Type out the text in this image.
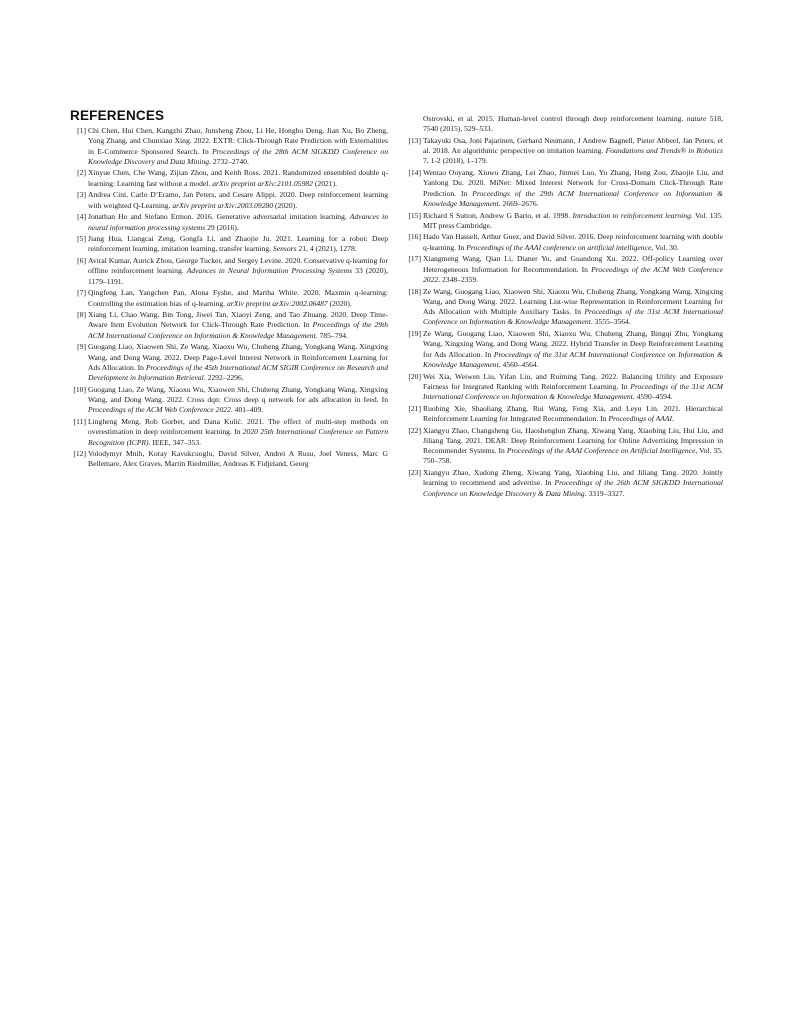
REFERENCES
[1] Chi Chen, Hui Chen, Kangzhi Zhao, Junsheng Zhou, Li He, Hongbo Deng, Jian Xu, Bo Zheng, Yong Zhang, and Chunxiao Xing. 2022. EXTR: Click-Through Rate Prediction with Externalities in E-Commerce Sponsored Search. In Proceedings of the 28th ACM SIGKDD Conference on Knowledge Discovery and Data Mining. 2732–2740.
[2] Xinyue Chen, Che Wang, Zijian Zhou, and Keith Ross. 2021. Randomized ensembled double q-learning: Learning fast without a model. arXiv preprint arXiv:2101.05982 (2021).
[3] Andrea Cini, Carlo D’Eramo, Jan Peters, and Cesare Alippi. 2020. Deep reinforcement learning with weighted Q-Learning. arXiv preprint arXiv:2003.09280 (2020).
[4] Jonathan Ho and Stefano Ermon. 2016. Generative adversarial imitation learning. Advances in neural information processing systems 29 (2016).
[5] Jiang Hua, Liangcai Zeng, Gongfa Li, and Zhaojie Ju. 2021. Learning for a robot: Deep reinforcement learning, imitation learning, transfer learning. Sensors 21, 4 (2021), 1278.
[6] Aviral Kumar, Aurick Zhou, George Tucker, and Sergey Levine. 2020. Conservative q-learning for offline reinforcement learning. Advances in Neural Information Processing Systems 33 (2020), 1179–1191.
[7] Qingfeng Lan, Yangchen Pan, Alona Fyshe, and Martha White. 2020. Maxmin q-learning: Controlling the estimation bias of q-learning. arXiv preprint arXiv:2002.06487 (2020).
[8] Xiang Li, Chao Wang, Bin Tong, Jiwei Tan, Xiaoyi Zeng, and Tao Zhuang. 2020. Deep Time-Aware Item Evolution Network for Click-Through Rate Prediction. In Proceedings of the 29th ACM International Conference on Information & Knowledge Management. 785–794.
[9] Guogang Liao, Xiaowen Shi, Ze Wang, Xiaoxu Wu, Chuheng Zhang, Yongkang Wang, Xingxing Wang, and Dong Wang. 2022. Deep Page-Level Interest Network in Reinforcement Learning for Ads Allocation. In Proceedings of the 45th International ACM SIGIR Conference on Research and Development in Information Retrieval. 2292–2296.
[10] Guogang Liao, Ze Wang, Xiaoxu Wu, Xiaowen Shi, Chuheng Zhang, Yongkang Wang, Xingxing Wang, and Dong Wang. 2022. Cross dqn: Cross deep q network for ads allocation in feed. In Proceedings of the ACM Web Conference 2022. 401–409.
[11] Lingheng Meng, Rob Gorbet, and Dana Kulić. 2021. The effect of multi-step methods on overestimation in deep reinforcement learning. In 2020 25th International Conference on Pattern Recognition (ICPR). IEEE, 347–353.
[12] Volodymyr Mnih, Koray Kavukcuoglu, David Silver, Andrei A Rusu, Joel Veness, Marc G Bellemare, Alex Graves, Martin Riedmiller, Andreas K Fidjeland, Georg
Ostrovski, et al. 2015. Human-level control through deep reinforcement learning. nature 518, 7540 (2015), 529–533.
[13] Takayuki Osa, Joni Pajarinen, Gerhard Neumann, J Andrew Bagnell, Pieter Abbeel, Jan Peters, et al. 2018. An algorithmic perspective on imitation learning. Foundations and Trends® in Robotics 7, 1-2 (2018), 1–179.
[14] Wentao Ouyang, Xiuwu Zhang, Lei Zhao, Jinmei Luo, Yu Zhang, Heng Zou, Zhaojie Liu, and Yanlong Du. 2020. MiNet: Mixed Interest Network for Cross-Domain Click-Through Rate Prediction. In Proceedings of the 29th ACM International Conference on Information & Knowledge Management. 2669–2676.
[15] Richard S Sutton, Andrew G Barto, et al. 1998. Introduction to reinforcement learning. Vol. 135. MIT press Cambridge.
[16] Hado Van Hasselt, Arthur Guez, and David Silver. 2016. Deep reinforcement learning with double q-learning. In Proceedings of the AAAI conference on artificial intelligence, Vol. 30.
[17] Xiangmeng Wang, Qian Li, Dianer Yu, and Guandong Xu. 2022. Off-policy Learning over Heterogeneous Information for Recommendation. In Proceedings of the ACM Web Conference 2022. 2348–2359.
[18] Ze Wang, Guogang Liao, Xiaowen Shi, Xiaoxu Wu, Chuheng Zhang, Yongkang Wang, Xingxing Wang, and Dong Wang. 2022. Learning List-wise Representation in Reinforcement Learning for Ads Allocation with Multiple Auxiliary Tasks. In Proceedings of the 31st ACM International Conference on Information & Knowledge Management. 3555–3564.
[19] Ze Wang, Guogang Liao, Xiaowen Shi, Xiaoxu Wu, Chuheng Zhang, Bingqi Zhu, Yongkang Wang, Xingxing Wang, and Dong Wang. 2022. Hybrid Transfer in Deep Reinforcement Learning for Ads Allocation. In Proceedings of the 31st ACM International Conference on Information & Knowledge Management. 4560–4564.
[20] Wei Xia, Weiwen Liu, Yifan Liu, and Ruiming Tang. 2022. Balancing Utility and Exposure Fairness for Integrated Ranking with Reinforcement Learning. In Proceedings of the 31st ACM International Conference on Information & Knowledge Management. 4590–4594.
[21] Ruobing Xie, Shaoliang Zhang, Rui Wang, Feng Xia, and Leyu Lin. 2021. Hierarchical Reinforcement Learning for Integrated Recommendation. In Proceedings of AAAI.
[22] Xiangyu Zhao, Changsheng Gu, Haoshenglun Zhang, Xiwang Yang, Xiaobing Liu, Hui Liu, and Jiliang Tang. 2021. DEAR: Deep Reinforcement Learning for Online Advertising Impression in Recommender Systems. In Proceedings of the AAAI Conference on Artificial Intelligence, Vol. 35. 750–758.
[23] Xiangyu Zhao, Xudong Zheng, Xiwang Yang, Xiaobing Liu, and Jiliang Tang. 2020. Jointly learning to recommend and advertise. In Proceedings of the 26th ACM SIGKDD International Conference on Knowledge Discovery & Data Mining. 3319–3327.
